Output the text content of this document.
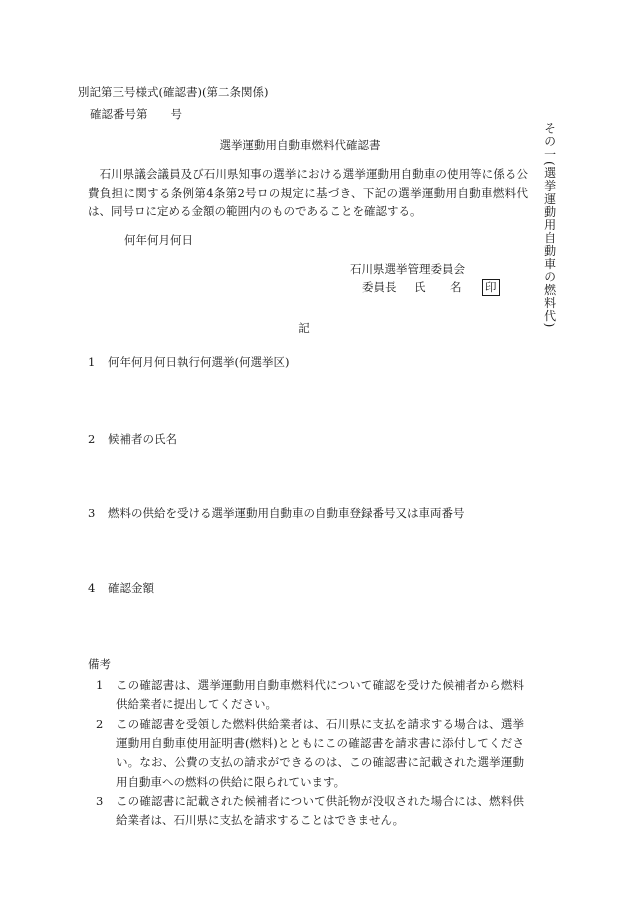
別記第三号様式(確認書)(第二条関係)
確認番号第　　号
選挙運動用自動車燃料代確認書
石川県議会議員及び石川県知事の選挙における選挙運動用自動車の使用等に係る公費負担に関する条例第4条第2号ロの規定に基づき、下記の選挙運動用自動車燃料代は、同号ロに定める金額の範囲内のものであることを確認する。
何年何月何日
石川県選挙管理委員会
委員長	氏	名	印
記
1 何年何月何日執行何選挙(何選挙区)
2 候補者の氏名
3 燃料の供給を受ける選挙運動用自動車の自動車登録番号又は車両番号
4 確認金額
備考
1	この確認書は、選挙運動用自動車燃料代について確認を受けた候補者から燃料供給業者に提出してください。
2	この確認書を受領した燃料供給業者は、石川県に支払を請求する場合は、選挙運動用自動車使用証明書(燃料)とともにこの確認書を請求書に添付してください。なお、公費の支払の請求ができるのは、この確認書に記載された選挙運動用自動車への燃料の供給に限られています。
3	この確認書に記載された候補者について供託物が没収された場合には、燃料供給業者は、石川県に支払を請求することはできません。
その一(選挙運動用自動車の燃料代)
